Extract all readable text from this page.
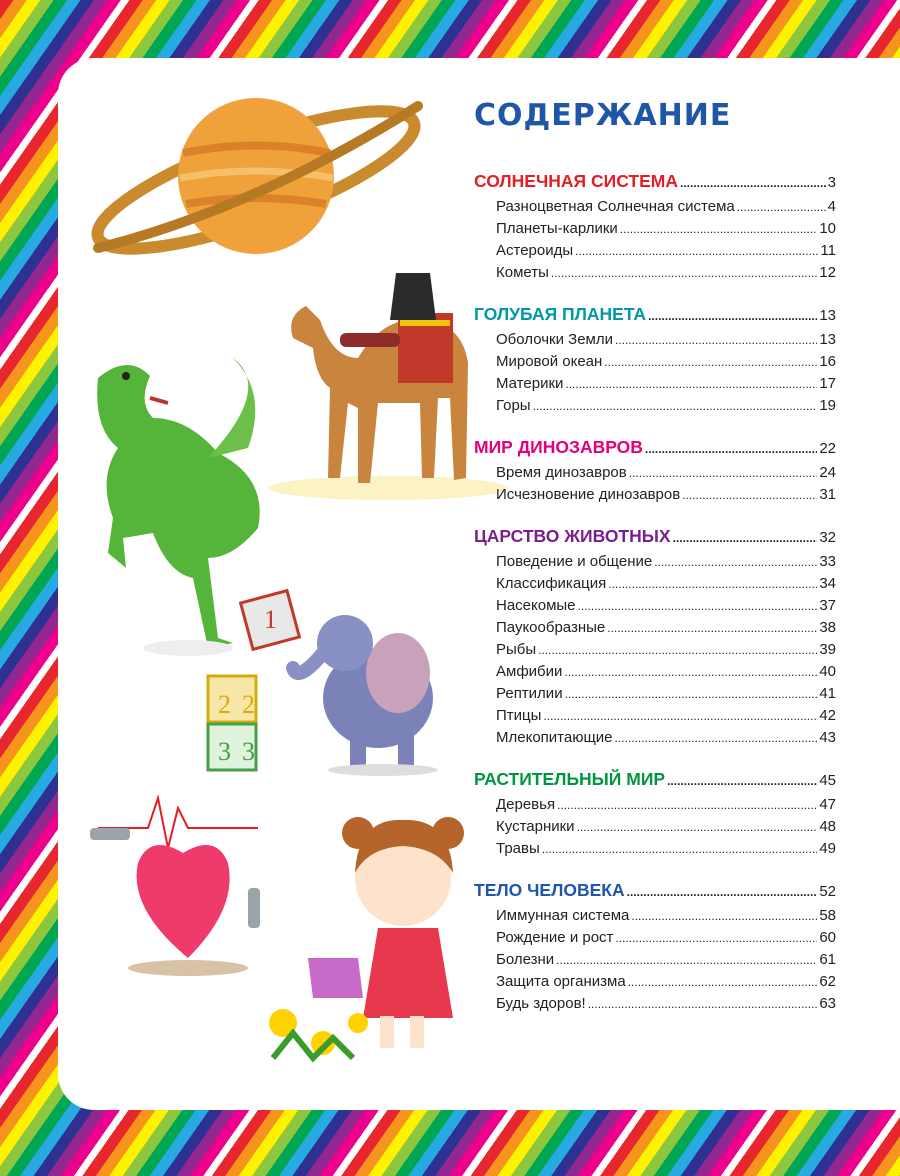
1
2 2
3 3
СОДЕРЖАНИЕ
СОЛНЕЧНАЯ СИСТЕМА .....	3
Разноцветная Солнечная система .....	4
Планеты-карлики .....	10
Астероиды .....	11
Кометы .....	12
ГОЛУБАЯ ПЛАНЕТА .....	13
Оболочки Земли .....	13
Мировой океан .....	16
Материки .....	17
Горы .....	19
МИР ДИНОЗАВРОВ .....	22
Время динозавров .....	24
Исчезновение динозавров .....	31
ЦАРСТВО ЖИВОТНЫХ .....	32
Поведение и общение .....	33
Классификация .....	34
Насекомые .....	37
Паукообразные .....	38
Рыбы .....	39
Амфибии .....	40
Рептилии .....	41
Птицы .....	42
Млекопитающие .....	43
РАСТИТЕЛЬНЫЙ МИР .....	45
Деревья .....	47
Кустарники .....	48
Травы .....	49
ТЕЛО ЧЕЛОВЕКА .....	52
Иммунная система .....	58
Рождение и рост .....	60
Болезни .....	61
Защита организма .....	62
Будь здоров! .....	63
